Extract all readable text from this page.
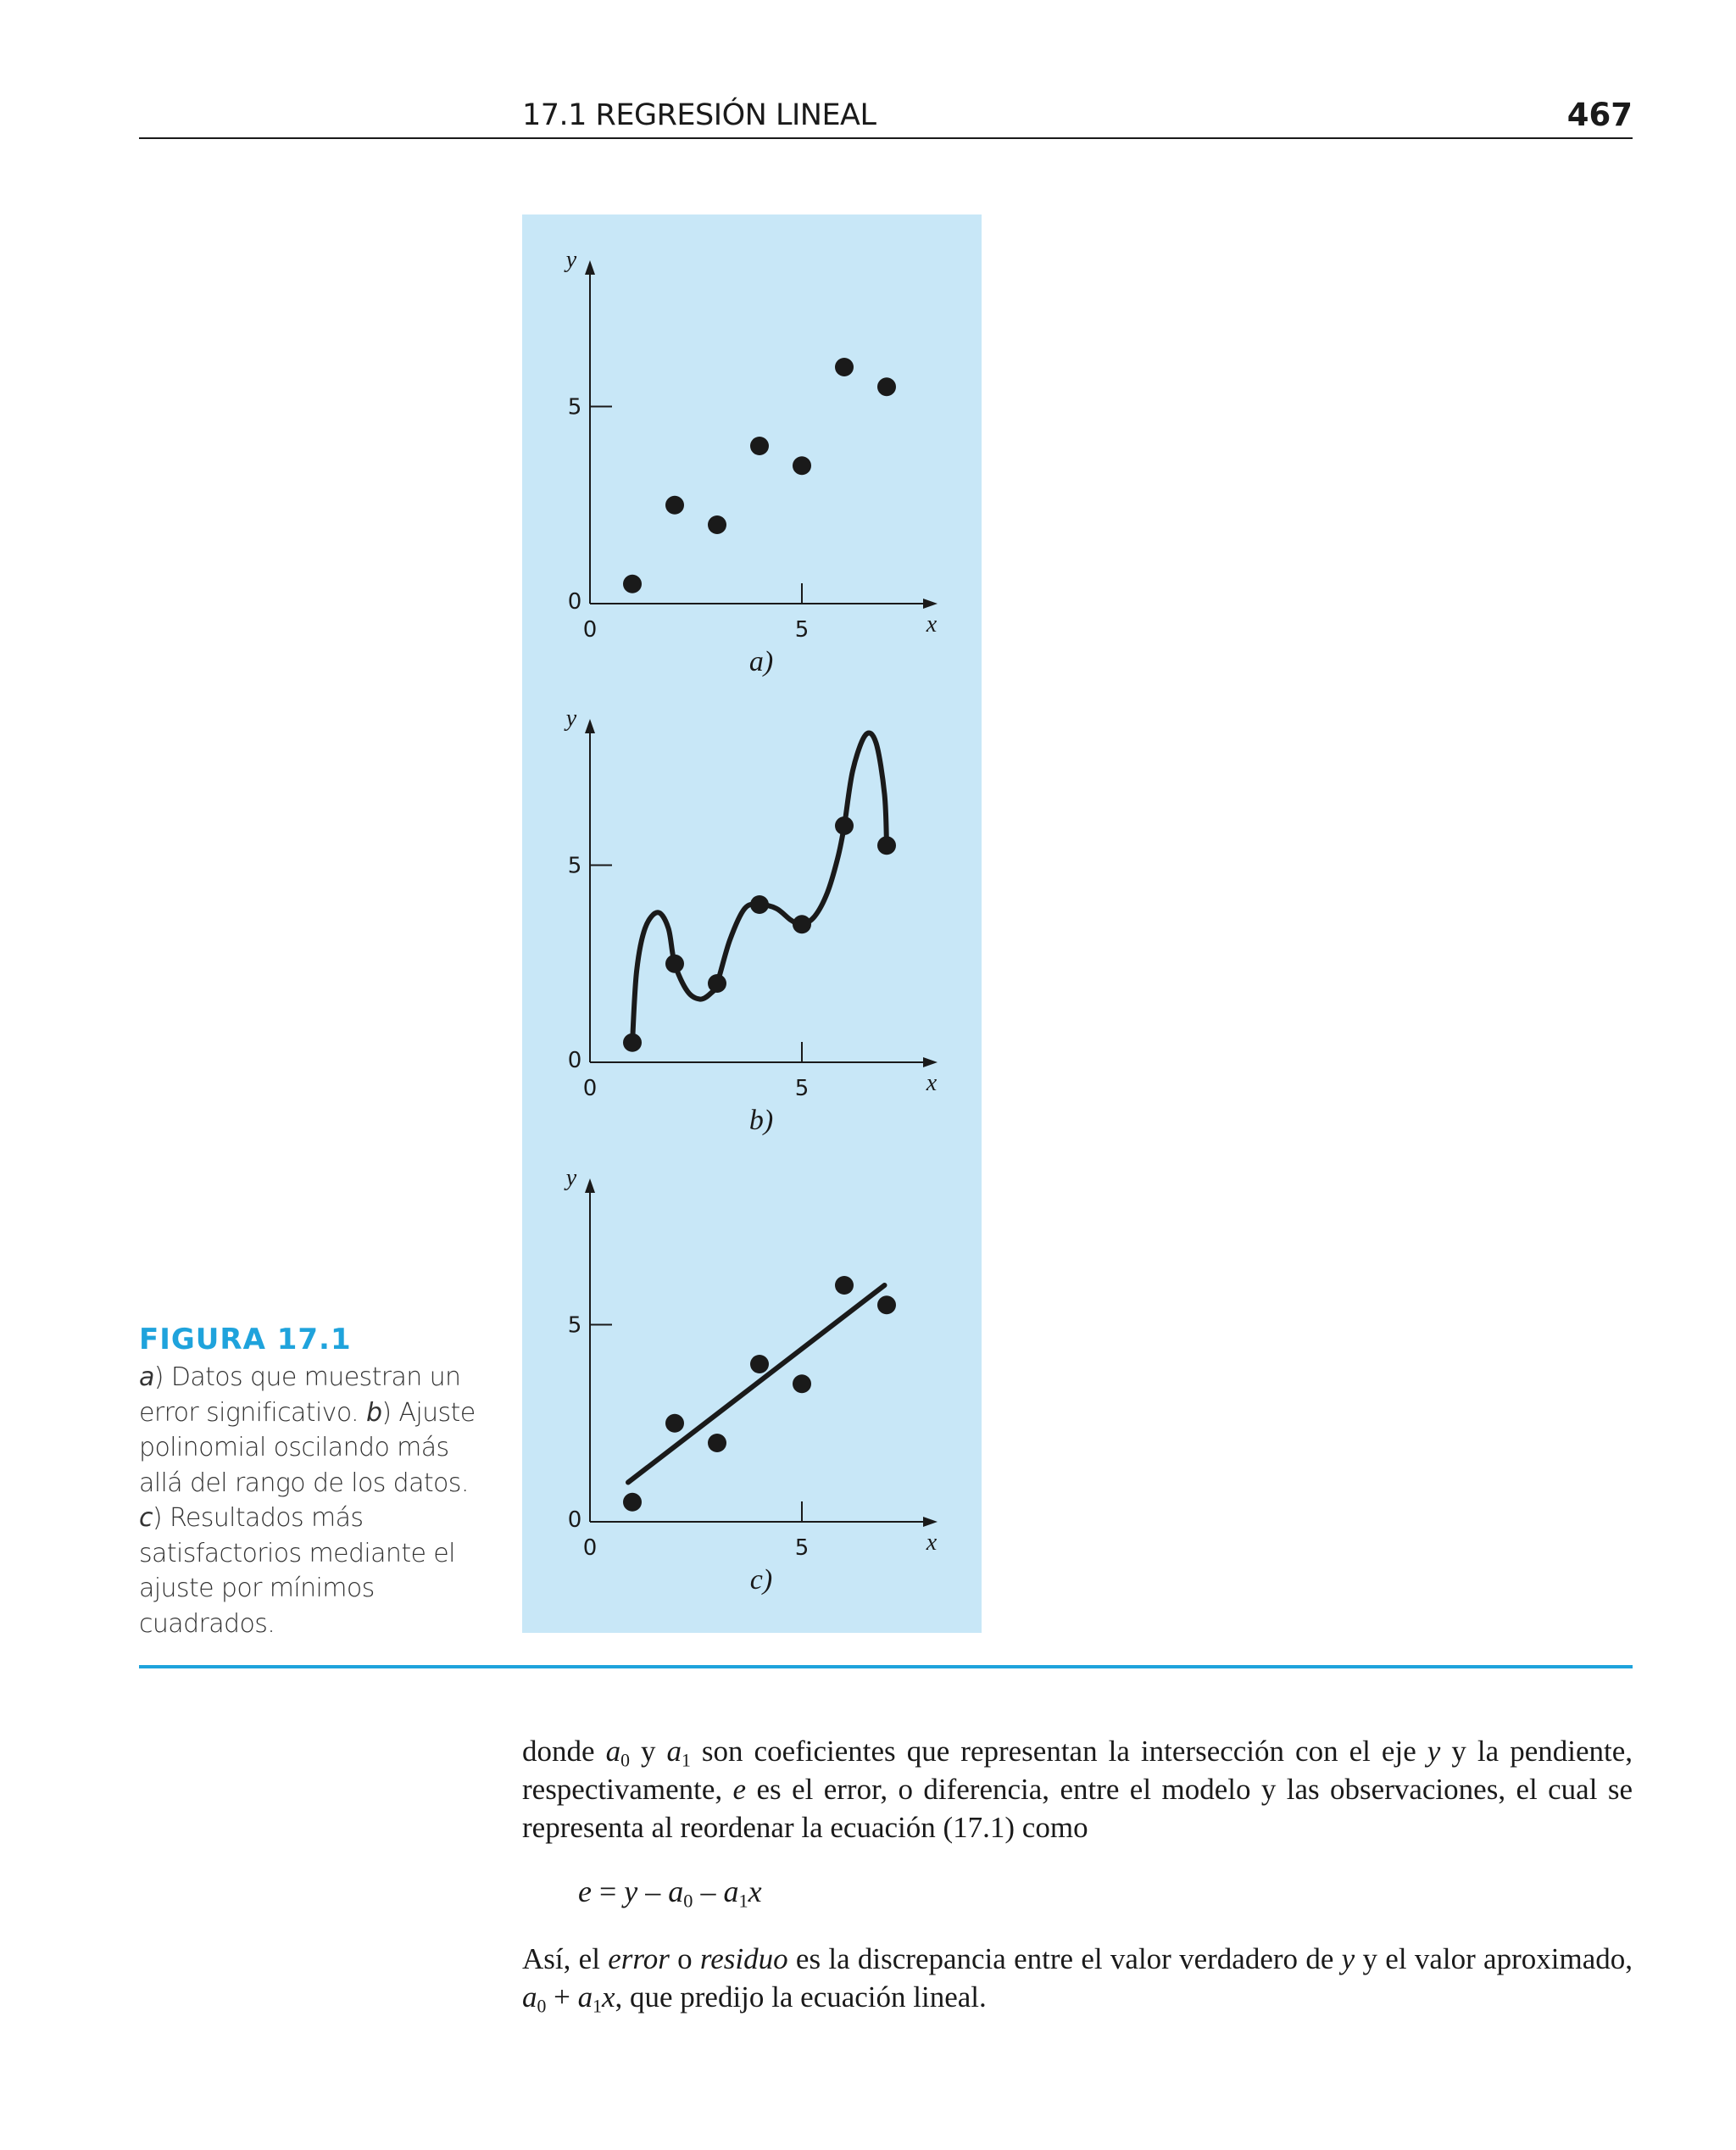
17.1 REGRESIÓN LINEAL	467
5
0
0	5
y
x
a)
5
0
0	5
y
x
b)
5
0
0	5
y
x
c)
FIGURA 17.1
a) Datos que muestran un error significativo. b) Ajuste polinomial oscilando más allá del rango de los datos. c) Resultados más satisfactorios mediante el ajuste por mínimos cuadrados.
donde $a_0$ y $a_1$ son coeficientes que representan la intersección con el eje y y la pendiente, respectivamente, e es el error, o diferencia, entre el modelo y las observaciones, el cual se representa al reordenar la ecuación (17.1) como
$e = y - a_0 - a_1x$
Así, el error o residuo es la discrepancia entre el valor verdadero de y y el valor aproximado, $a_0 + a_1x$, que predijo la ecuación lineal.
